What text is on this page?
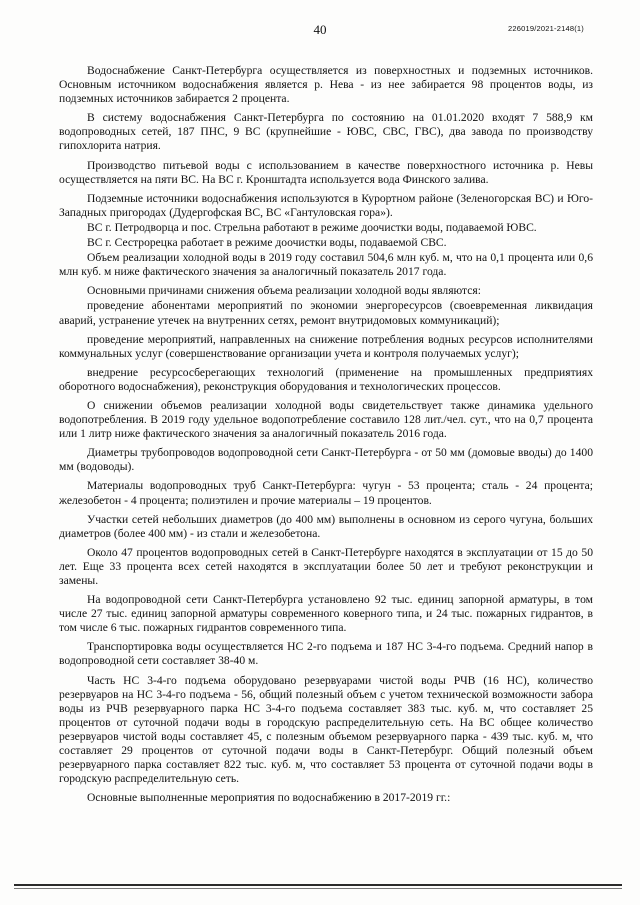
40	226019/2021-2148(1)

Водоснабжение Санкт-Петербурга осуществляется из поверхностных и подземных источников. Основным источником водоснабжения является р. Нева - из нее забирается 98 процентов воды, из подземных источников забирается 2 процента.

В систему водоснабжения Санкт-Петербурга по состоянию на 01.01.2020 входят 7 588,9 км водопроводных сетей, 187 ПНС, 9 ВС (крупнейшие - ЮВС, СВС, ГВС), два завода по производству гипохлорита натрия.

Производство питьевой воды с использованием в качестве поверхностного источника р. Невы осуществляется на пяти ВС. На ВС г. Кронштадта используется вода Финского залива.

Подземные источники водоснабжения используются в Курортном районе (Зеленогорская ВС) и Юго-Западных пригородах (Дудергофская ВС, ВС «Гантуловская гора»).

ВС г. Петродворца и пос. Стрельна работают в режиме доочистки воды, подаваемой ЮВС.

ВС г. Сестрорецка работает в режиме доочистки воды, подаваемой СВС.

Объем реализации холодной воды в 2019 году составил 504,6 млн куб. м, что на 0,1 процента или 0,6 млн куб. м ниже фактического значения за аналогичный показатель 2017 года.

Основными причинами снижения объема реализации холодной воды являются:

проведение абонентами мероприятий по экономии энергоресурсов (своевременная ликвидация аварий, устранение утечек на внутренних сетях, ремонт внутридомовых коммуникаций);

проведение мероприятий, направленных на снижение потребления водных ресурсов исполнителями коммунальных услуг (совершенствование организации учета и контроля получаемых услуг);

внедрение ресурсосберегающих технологий (применение на промышленных предприятиях оборотного водоснабжения), реконструкция оборудования и технологических процессов.

О снижении объемов реализации холодной воды свидетельствует также динамика удельного водопотребления. В 2019 году удельное водопотребление составило 128 лит./чел. сут., что на 0,7 процента или 1 литр ниже фактического значения за аналогичный показатель 2016 года.

Диаметры трубопроводов водопроводной сети Санкт-Петербурга - от 50 мм (домовые вводы) до 1400 мм (водоводы).

Материалы водопроводных труб Санкт-Петербурга: чугун - 53 процента; сталь - 24 процента; железобетон - 4 процента; полиэтилен и прочие материалы – 19 процентов.

Участки сетей небольших диаметров (до 400 мм) выполнены в основном из серого чугуна, больших диаметров (более 400 мм) - из стали и железобетона.

Около 47 процентов водопроводных сетей в Санкт-Петербурге находятся в эксплуатации от 15 до 50 лет. Еще 33 процента всех сетей находятся в эксплуатации более 50 лет и требуют реконструкции и замены.

На водопроводной сети Санкт-Петербурга установлено 92 тыс. единиц запорной арматуры, в том числе 27 тыс. единиц запорной арматуры современного коверного типа, и 24 тыс. пожарных гидрантов, в том числе 6 тыс. пожарных гидрантов современного типа.

Транспортировка воды осуществляется НС 2-го подъема и 187 НС 3-4-го подъема. Средний напор в водопроводной сети составляет 38-40 м.

Часть НС 3-4-го подъема оборудовано резервуарами чистой воды РЧВ (16 НС), количество резервуаров на НС 3-4-го подъема - 56, общий полезный объем с учетом технической возможности забора воды из РЧВ резервуарного парка НС 3-4-го подъема составляет 383 тыс. куб. м, что составляет 25 процентов от суточной подачи воды в городскую распределительную сеть. На ВС общее количество резервуаров чистой воды составляет 45, с полезным объемом резервуарного парка - 439 тыс. куб. м, что составляет 29 процентов от суточной подачи воды в Санкт-Петербург. Общий полезный объем резервуарного парка составляет 822 тыс. куб. м, что составляет 53 процента от суточной подачи воды в городскую распределительную сеть.

Основные выполненные мероприятия по водоснабжению в 2017-2019 гг.:
